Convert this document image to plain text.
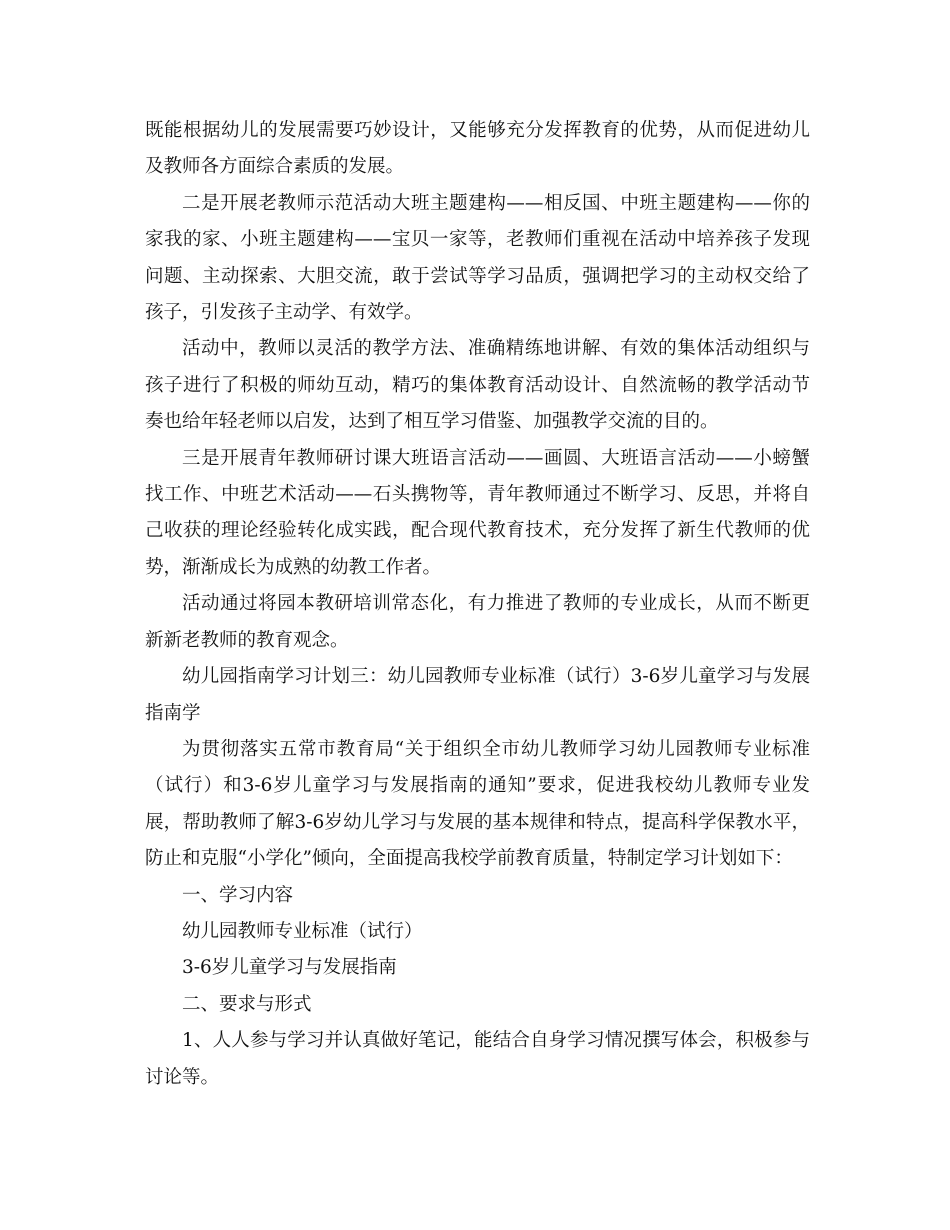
既能根据幼儿的发展需要巧妙设计，又能够充分发挥教育的优势，从而促进幼儿及教师各方面综合素质的发展。

二是开展老教师示范活动大班主题建构——相反国、中班主题建构——你的家我的家、小班主题建构——宝贝一家等，老教师们重视在活动中培养孩子发现问题、主动探索、大胆交流，敢于尝试等学习品质，强调把学习的主动权交给了孩子，引发孩子主动学、有效学。

活动中，教师以灵活的教学方法、准确精练地讲解、有效的集体活动组织与孩子进行了积极的师幼互动，精巧的集体教育活动设计、自然流畅的教学活动节奏也给年轻老师以启发，达到了相互学习借鉴、加强教学交流的目的。

三是开展青年教师研讨课大班语言活动——画圆、大班语言活动——小螃蟹找工作、中班艺术活动——石头携物等，青年教师通过不断学习、反思，并将自己收获的理论经验转化成实践，配合现代教育技术，充分发挥了新生代教师的优势，渐渐成长为成熟的幼教工作者。

活动通过将园本教研培训常态化，有力推进了教师的专业成长，从而不断更新新老教师的教育观念。

幼儿园指南学习计划三：幼儿园教师专业标准（试行）3-6岁儿童学习与发展指南学

为贯彻落实五常市教育局“关于组织全市幼儿教师学习幼儿园教师专业标准（试行）和3-6岁儿童学习与发展指南的通知”要求，促进我校幼儿教师专业发展，帮助教师了解3-6岁幼儿学习与发展的基本规律和特点，提高科学保教水平，防止和克服“小学化”倾向，全面提高我校学前教育质量，特制定学习计划如下：

一、学习内容

幼儿园教师专业标准（试行）

3-6岁儿童学习与发展指南

二、要求与形式

1、人人参与学习并认真做好笔记，能结合自身学习情况撰写体会，积极参与讨论等。
